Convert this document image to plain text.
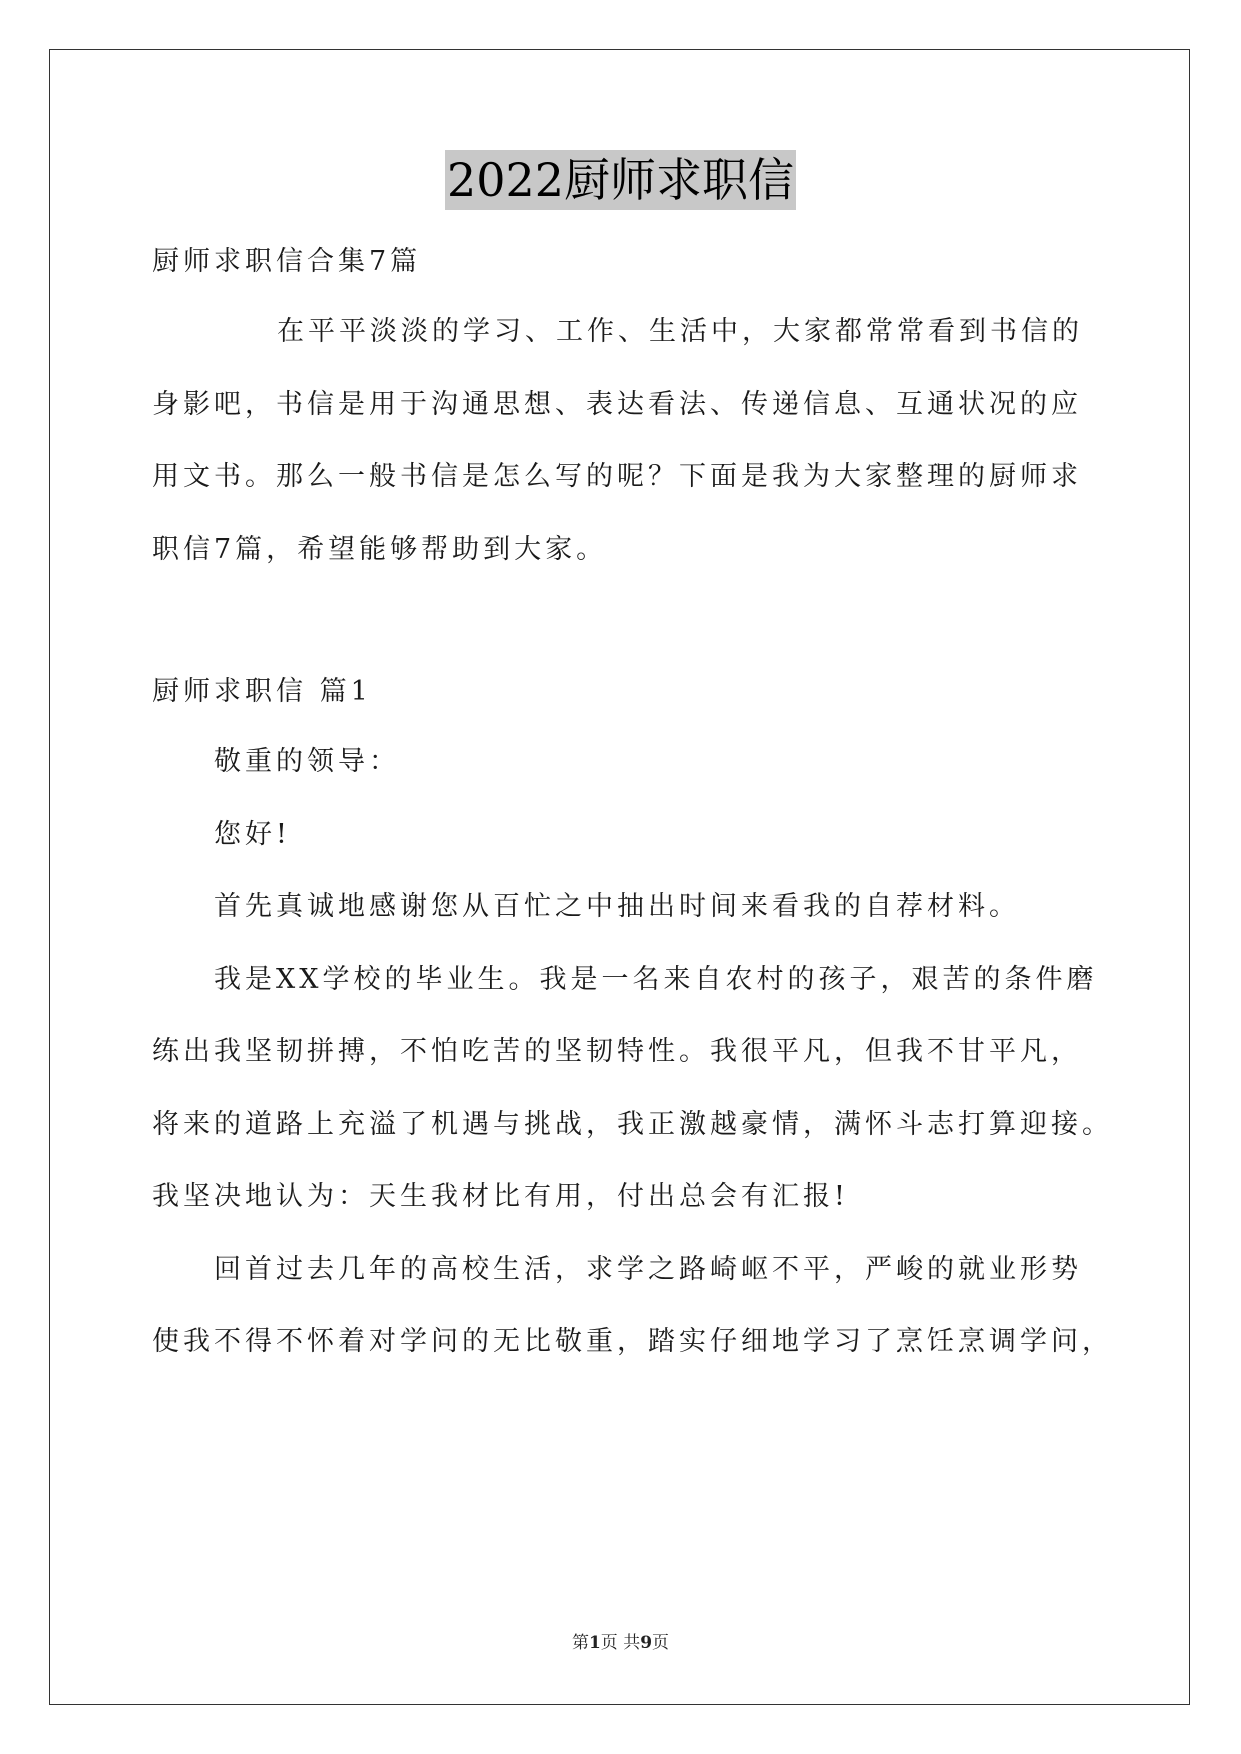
2022厨师求职信

厨师求职信合集7篇

在平平淡淡的学习、工作、生活中，大家都常常看到书信的

身影吧，书信是用于沟通思想、表达看法、传递信息、互通状况的应

用文书。那么一般书信是怎么写的呢？下面是我为大家整理的厨师求

职信7篇，希望能够帮助到大家。

厨师求职信 篇1

敬重的领导：

您好!

首先真诚地感谢您从百忙之中抽出时间来看我的自荐材料。

我是XX学校的毕业生。我是一名来自农村的孩子，艰苦的条件磨

练出我坚韧拼搏，不怕吃苦的坚韧特性。我很平凡，但我不甘平凡，

将来的道路上充溢了机遇与挑战，我正激越豪情，满怀斗志打算迎接。

我坚决地认为：天生我材比有用，付出总会有汇报!

回首过去几年的高校生活，求学之路崎岖不平，严峻的就业形势

使我不得不怀着对学问的无比敬重，踏实仔细地学习了烹饪烹调学问，

第1页 共9页
